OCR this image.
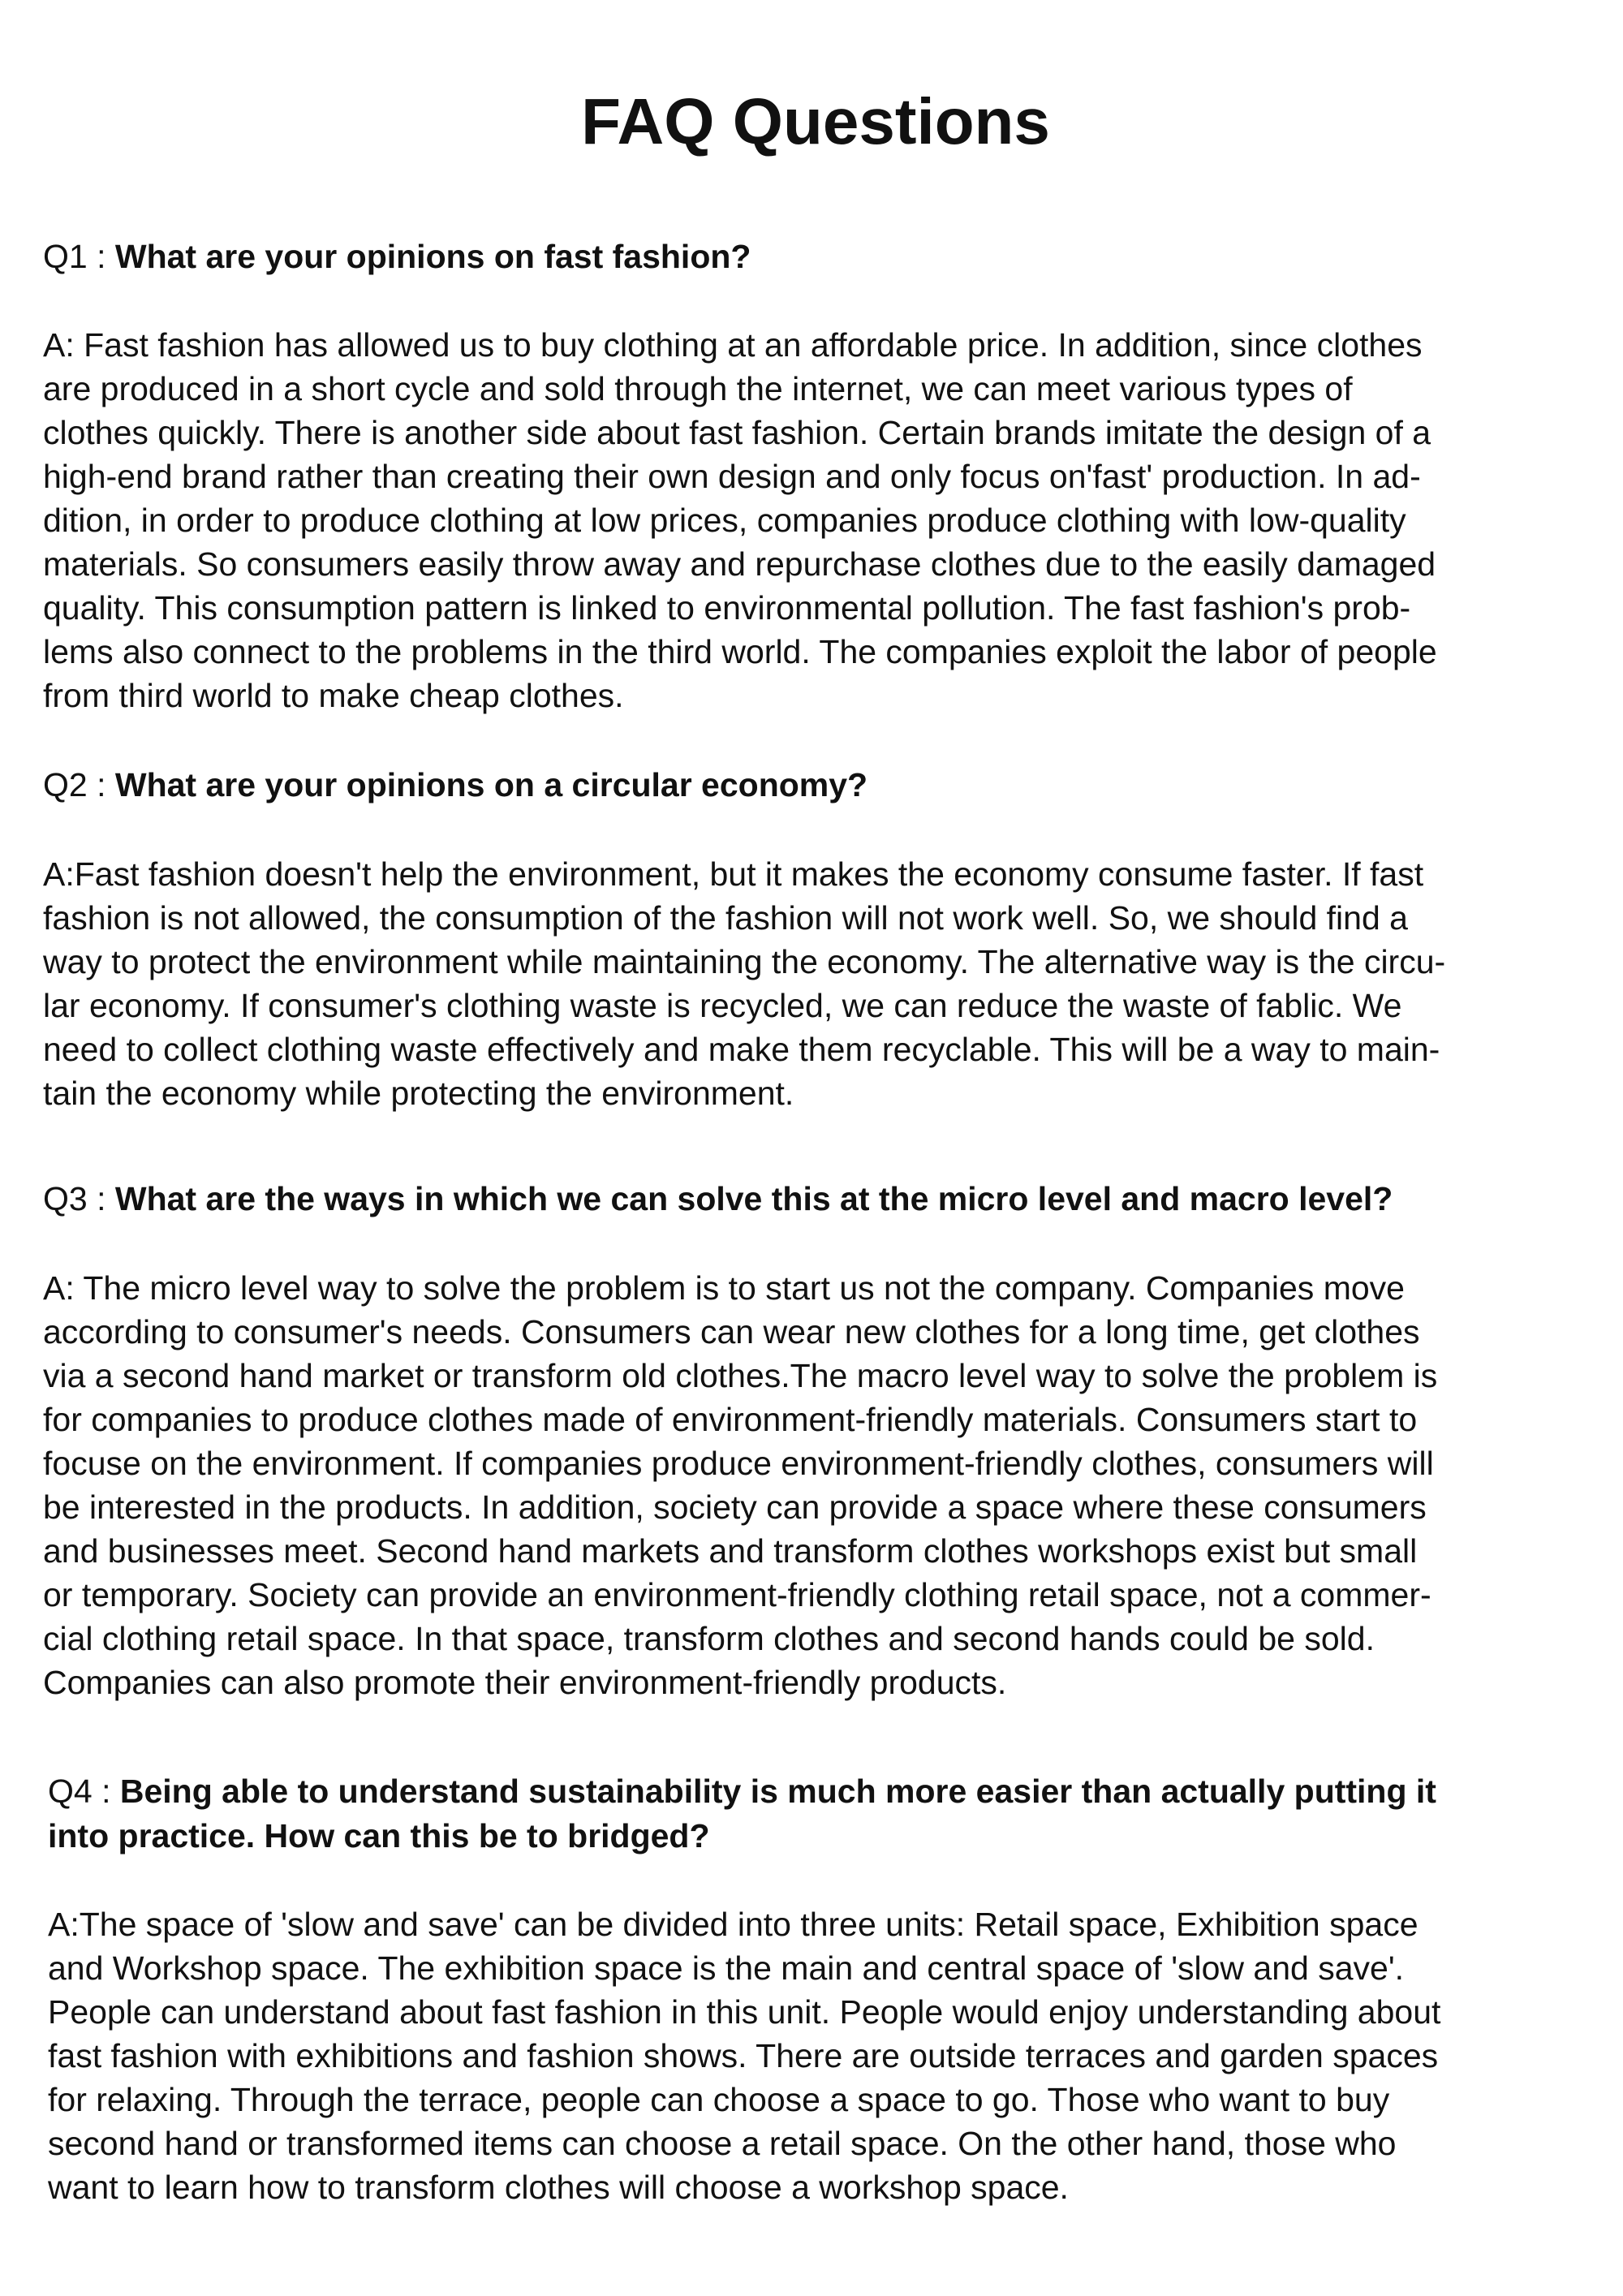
FAQ Questions

Q1 : What are your opinions on fast fashion?

A: Fast fashion has allowed us to buy clothing at an affordable price. In addition, since clothes
are produced in a short cycle and sold through the internet, we can meet various types of
clothes quickly. There is another side about fast fashion. Certain brands imitate the design of a
high-end brand rather than creating their own design and only focus on'fast' production. In ad-
dition, in order to produce clothing at low prices, companies produce clothing with low-quality
materials. So consumers easily throw away and repurchase clothes due to the easily damaged
quality. This consumption pattern is linked to environmental pollution. The fast fashion's prob-
lems also connect to the problems in the third world. The companies exploit the labor of people
from third world to make cheap clothes.

Q2 : What are your opinions on a circular economy?

A:Fast fashion doesn't help the environment, but it makes the economy consume faster. If fast
fashion is not allowed, the consumption of the fashion will not work well. So, we should find a
way to protect the environment while maintaining the economy. The alternative way is the circu-
lar economy. If consumer's clothing waste is recycled, we can reduce the waste of fablic. We
need to collect clothing waste effectively and make them recyclable. This will be a way to main-
tain the economy while protecting the environment.

Q3 : What are the ways in which we can solve this at the micro level and macro level?

A: The micro level way to solve the problem is to start us not the company. Companies move
according to consumer's needs. Consumers can wear new clothes for a long time, get clothes
via a second hand market or transform old clothes.The macro level way to solve the problem is
for companies to produce clothes made of environment-friendly materials. Consumers start to
focuse on the environment. If companies produce environment-friendly clothes, consumers will
be interested in the products. In addition, society can provide a space where these consumers
and businesses meet. Second hand markets and transform clothes workshops exist but small
or temporary. Society can provide an environment-friendly clothing retail space, not a commer-
cial clothing retail space. In that space, transform clothes and second hands could be sold.
Companies can also promote their environment-friendly products.
Q4 : Being able to understand sustainability is much more easier than actually putting it
into practice. How can this be to bridged?
A:The space of 'slow and save' can be divided into three units: Retail space, Exhibition space
and Workshop space. The exhibition space is the main and central space of 'slow and save'.
People can understand about fast fashion in this unit. People would enjoy understanding about
fast fashion with exhibitions and fashion shows. There are outside terraces and garden spaces
for relaxing. Through the terrace, people can choose a space to go. Those who want to buy
second hand or transformed items can choose a retail space. On the other hand, those who
want to learn how to transform clothes will choose a workshop space.
